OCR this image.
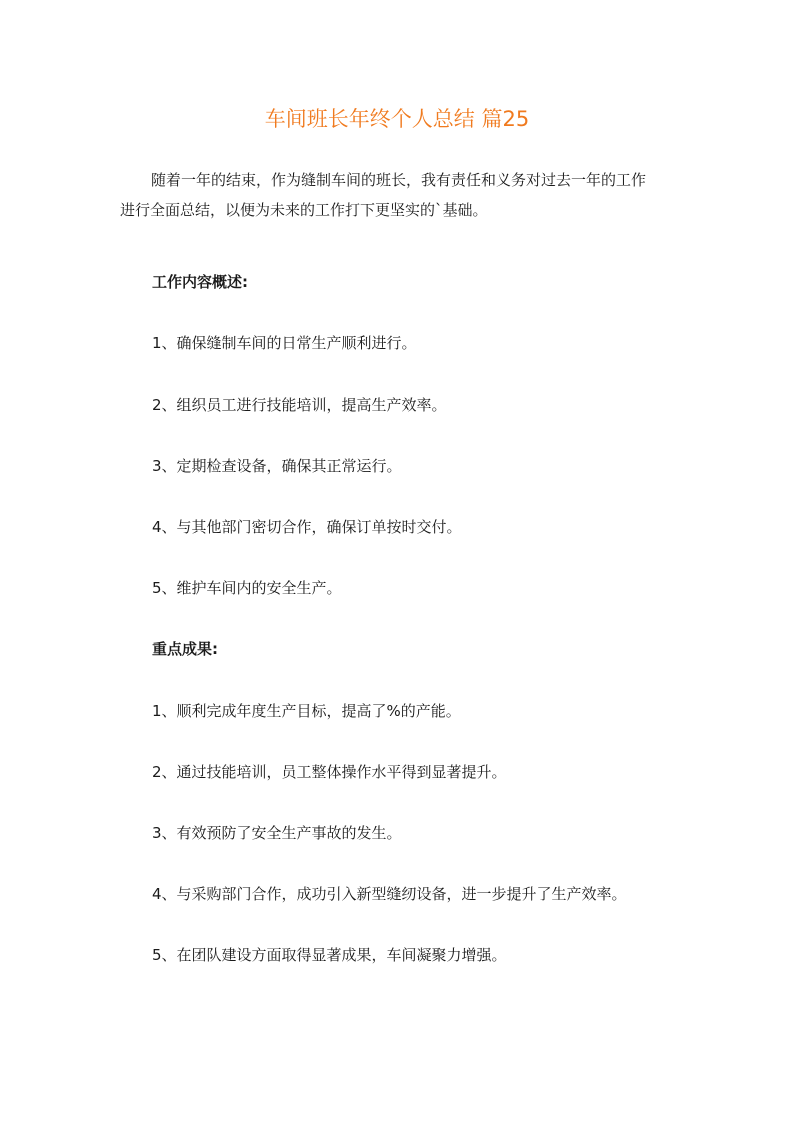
车间班长年终个人总结 篇25

随着一年的结束，作为缝制车间的班长，我有责任和义务对过去一年的工作
进行全面总结，以便为未来的工作打下更坚实的`基础。

工作内容概述:

1、确保缝制车间的日常生产顺利进行。

2、组织员工进行技能培训，提高生产效率。

3、定期检查设备，确保其正常运行。

4、与其他部门密切合作，确保订单按时交付。

5、维护车间内的安全生产。

重点成果:

1、顺利完成年度生产目标，提高了%的产能。

2、通过技能培训，员工整体操作水平得到显著提升。

3、有效预防了安全生产事故的发生。

4、与采购部门合作，成功引入新型缝纫设备，进一步提升了生产效率。

5、在团队建设方面取得显著成果，车间凝聚力增强。
